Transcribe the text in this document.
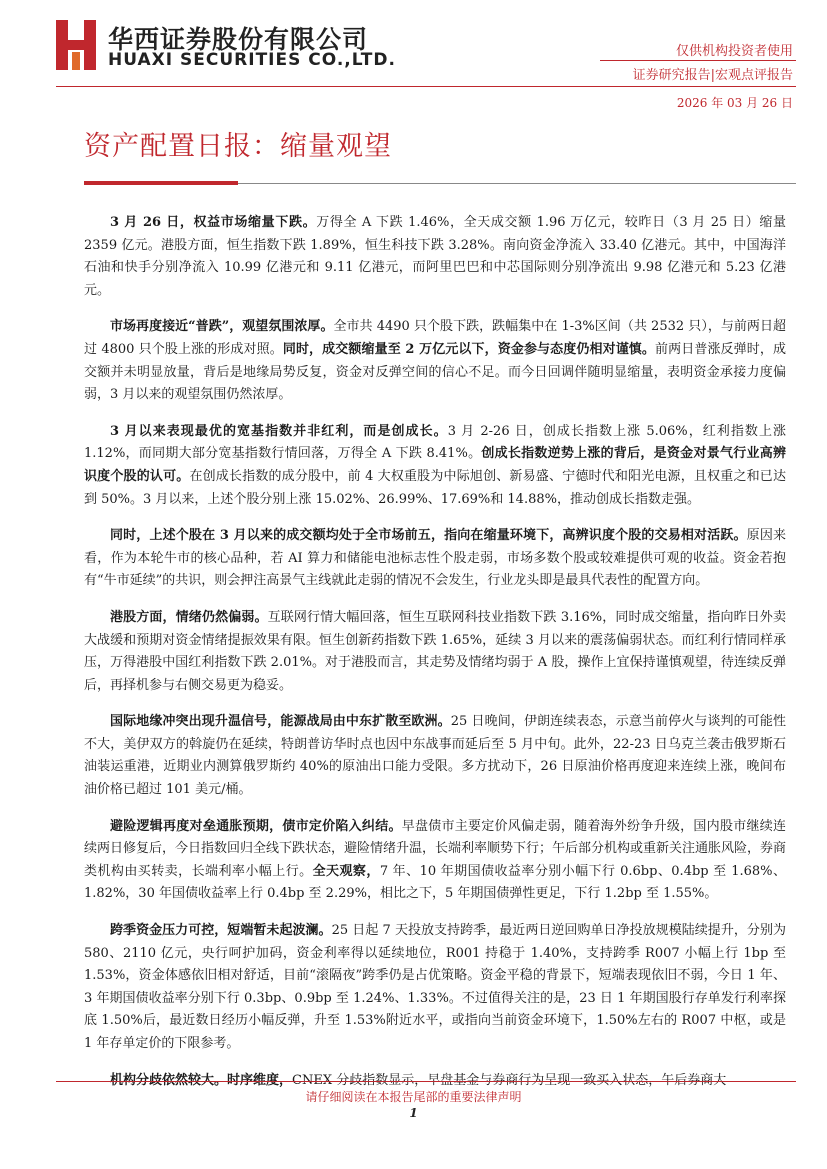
华西证券股份有限公司
HUAXI SECURITIES CO.,LTD.	仅供机构投资者使用
证券研究报告|宏观点评报告
2026 年 03 月 26 日
资产配置日报：缩量观望

3 月 26 日，权益市场缩量下跌。万得全 A 下跌 1.46%，全天成交额 1.96 万亿元，较昨日（3 月 25 日）缩量 2359 亿元。港股方面，恒生指数下跌 1.89%，恒生科技下跌 3.28%。南向资金净流入 33.40 亿港元。其中，中国海洋石油和快手分别净流入 10.99 亿港元和 9.11 亿港元，而阿里巴巴和中芯国际则分别净流出 9.98 亿港元和 5.23 亿港元。

市场再度接近“普跌”，观望氛围浓厚。全市共 4490 只个股下跌，跌幅集中在 1-3%区间（共 2532 只），与前两日超过 4800 只个股上涨的形成对照。同时，成交额缩量至 2 万亿元以下，资金参与态度仍相对谨慎。前两日普涨反弹时，成交额并未明显放量，背后是地缘局势反复，资金对反弹空间的信心不足。而今日回调伴随明显缩量，表明资金承接力度偏弱，3 月以来的观望氛围仍然浓厚。

3 月以来表现最优的宽基指数并非红利，而是创成长。3 月 2-26 日，创成长指数上涨 5.06%，红利指数上涨 1.12%，而同期大部分宽基指数行情回落，万得全 A 下跌 8.41%。创成长指数逆势上涨的背后，是资金对景气行业高辨识度个股的认可。在创成长指数的成分股中，前 4 大权重股为中际旭创、新易盛、宁德时代和阳光电源，且权重之和已达到 50%。3 月以来，上述个股分别上涨 15.02%、26.99%、17.69%和 14.88%，推动创成长指数走强。

同时，上述个股在 3 月以来的成交额均处于全市场前五，指向在缩量环境下，高辨识度个股的交易相对活跃。原因来看，作为本轮牛市的核心品种，若 AI 算力和储能电池标志性个股走弱，市场多数个股或较难提供可观的收益。资金若抱有“牛市延续”的共识，则会押注高景气主线就此走弱的情况不会发生，行业龙头即是最具代表性的配置方向。

港股方面，情绪仍然偏弱。互联网行情大幅回落，恒生互联网科技业指数下跌 3.16%，同时成交缩量，指向昨日外卖大战缓和预期对资金情绪提振效果有限。恒生创新药指数下跌 1.65%，延续 3 月以来的震荡偏弱状态。而红利行情同样承压，万得港股中国红利指数下跌 2.01%。对于港股而言，其走势及情绪均弱于 A 股，操作上宜保持谨慎观望，待连续反弹后，再择机参与右侧交易更为稳妥。

国际地缘冲突出现升温信号，能源战局由中东扩散至欧洲。25 日晚间，伊朗连续表态，示意当前停火与谈判的可能性不大，美伊双方的斡旋仍在延续，特朗普访华时点也因中东战事而延后至 5 月中旬。此外，22-23 日乌克兰袭击俄罗斯石油装运重港，近期业内测算俄罗斯约 40%的原油出口能力受限。多方扰动下，26 日原油价格再度迎来连续上涨，晚间布油价格已超过 101 美元/桶。

避险逻辑再度对垒通胀预期，债市定价陷入纠结。早盘债市主要定价风偏走弱，随着海外纷争升级，国内股市继续连续两日修复后，今日指数回归全线下跌状态，避险情绪升温，长端利率顺势下行；午后部分机构或重新关注通胀风险，券商类机构由买转卖，长端利率小幅上行。全天观察，7 年、10 年期国债收益率分别小幅下行 0.6bp、0.4bp 至 1.68%、1.82%，30 年国债收益率上行 0.4bp 至 2.29%，相比之下，5 年期国债弹性更足，下行 1.2bp 至 1.55%。

跨季资金压力可控，短端暂未起波澜。25 日起 7 天投放支持跨季，最近两日逆回购单日净投放规模陆续提升，分别为 580、2110 亿元，央行呵护加码，资金利率得以延续地位，R001 持稳于 1.40%，支持跨季 R007 小幅上行 1bp 至 1.53%，资金体感依旧相对舒适，目前“滚隔夜”跨季仍是占优策略。资金平稳的背景下，短端表现依旧不弱，今日 1 年、3 年期国债收益率分别下行 0.3bp、0.9bp 至 1.24%、1.33%。不过值得关注的是，23 日 1 年期国股行存单发行利率探底 1.50%后，最近数日经历小幅反弹，升至 1.53%附近水平，或指向当前资金环境下，1.50%左右的 R007 中枢，或是 1 年存单定价的下限参考。

请仔细阅读在本报告尾部的重要法律声明
1
